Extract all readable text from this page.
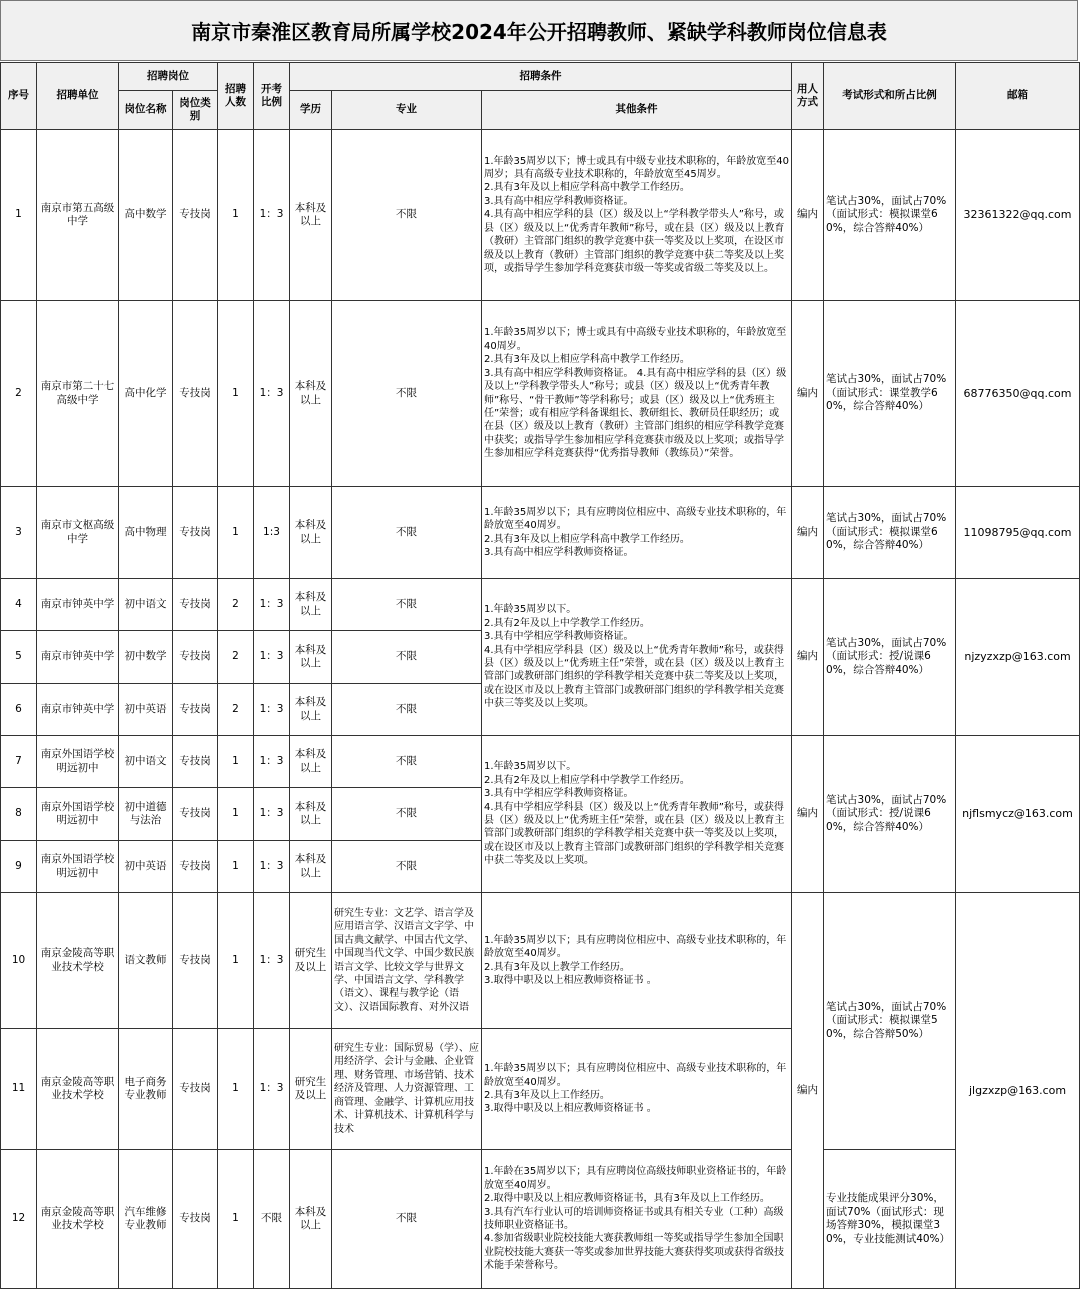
南京市秦淮区教育局所属学校2024年公开招聘教师、紧缺学科教师岗位信息表
序号	招聘单位	招聘岗位		招聘人数	开考比例	招聘条件			用人方式	考试形式和所占比例	邮箱
		岗位名称	岗位类别			学历	专业	其他条件			
1	南京市第五高级中学	高中数学	专技岗	1	1：3	本科及以上	不限	1.年龄35周岁以下；博士或具有中级专业技术职称的，年龄放宽至40周岁；具有高级专业技术职称的，年龄放宽至45周岁。
2.具有3年及以上相应学科高中教学工作经历。
3.具有高中相应学科教师资格证。
4.具有高中相应学科的县（区）级及以上“学科教学带头人”称号，或县（区）级及以上“优秀青年教师”称号，或在县（区）级及以上教育（教研）主管部门组织的教学竞赛中获一等奖及以上奖项，在设区市级及以上教育（教研）主管部门组织的教学竞赛中获二等奖及以上奖项，或指导学生参加学科竞赛获市级一等奖或省级二等奖及以上。	编内	笔试占30%，面试占70%（面试形式：模拟课堂60%，综合答辩40%）	32361322@qq.com
2	南京市第二十七高级中学	高中化学	专技岗	1	1：3	本科及以上	不限	1.年龄35周岁以下；博士或具有中高级专业技术职称的，年龄放宽至40周岁。
2.具有3年及以上相应学科高中教学工作经历。
3.具有高中相应学科教师资格证。 4.具有高中相应学科的县（区）级及以上“学科教学带头人”称号；或县（区）级及以上“优秀青年教师”称号、“骨干教师”等学科称号；或县（区）级及以上“优秀班主任”荣誉；或有相应学科备课组长、教研组长、教研员任职经历；或在县（区）级及以上教育（教研）主管部门组织的相应学科教学竞赛中获奖；或指导学生参加相应学科竞赛获市级及以上奖项；或指导学生参加相应学科竞赛获得“优秀指导教师（教练员）”荣誉。	编内	笔试占30%，面试占70%（面试形式：课堂教学60%，综合答辩40%）	68776350@qq.com
3	南京市文枢高级中学	高中物理	专技岗	1	1:3	本科及以上	不限	1.年龄35周岁以下；具有应聘岗位相应中、高级专业技术职称的，年龄放宽至40周岁。
2.具有3年及以上相应学科高中教学工作经历。
3.具有高中相应学科教师资格证。	编内	笔试占30%，面试占70%（面试形式：模拟课堂60%，综合答辩40%）	11098795@qq.com
4	南京市钟英中学	初中语文	专技岗	2	1：3	本科及以上	不限	1.年龄35周岁以下。
2.具有2年及以上中学教学工作经历。
3.具有中学相应学科教师资格证。
4.具有中学相应学科县（区）级及以上“优秀青年教师”称号，或获得县（区）级及以上“优秀班主任”荣誉，或在县（区）级及以上教育主管部门或教研部门组织的学科教学相关竞赛中获二等奖及以上奖项，或在设区市及以上教育主管部门或教研部门组织的学科教学相关竞赛中获三等奖及以上奖项。	编内	笔试占30%，面试占70%（面试形式：授/说课60%，综合答辩40%）	njzyzxzp@163.com
5	南京市钟英中学	初中数学	专技岗	2	1：3	本科及以上	不限				
6	南京市钟英中学	初中英语	专技岗	2	1：3	本科及以上	不限				
7	南京外国语学校明远初中	初中语文	专技岗	1	1：3	本科及以上	不限	1.年龄35周岁以下。
2.具有2年及以上相应学科中学教学工作经历。
3.具有中学相应学科教师资格证。
4.具有中学相应学科县（区）级及以上“优秀青年教师”称号，或获得县（区）级及以上“优秀班主任”荣誉，或在县（区）级及以上教育主管部门或教研部门组织的学科教学相关竞赛中获一等奖及以上奖项，或在设区市及以上教育主管部门或教研部门组织的学科教学相关竞赛中获二等奖及以上奖项。	编内	笔试占30%，面试占70%（面试形式：授/说课60%，综合答辩40%）	njflsmycz@163.com
8	南京外国语学校明远初中	初中道德与法治	专技岗	1	1：3	本科及以上	不限				
9	南京外国语学校明远初中	初中英语	专技岗	1	1：3	本科及以上	不限				
10	南京金陵高等职业技术学校	语文教师	专技岗	1	1：3	研究生及以上	研究生专业：文艺学、语言学及应用语言学、汉语言文字学、中国古典文献学、中国古代文学、中国现当代文学、中国少数民族语言文学、比较文学与世界文学、中国语言文学、学科教学（语文）、课程与教学论（语文）、汉语国际教育、对外汉语	1.年龄35周岁以下；具有应聘岗位相应中、高级专业技术职称的，年龄放宽至40周岁。
2.具有3年及以上教学工作经历。
3.取得中职及以上相应教师资格证书 。	编内	笔试占30%，面试占70%（面试形式：模拟课堂50%，综合答辩50%）	jlgzxzp@163.com
11	南京金陵高等职业技术学校	电子商务专业教师	专技岗	1	1：3	研究生及以上	研究生专业：国际贸易（学）、应用经济学、会计与金融、企业管理、财务管理、市场营销、技术经济及管理、人力资源管理、工商管理、金融学、计算机应用技术、计算机技术、计算机科学与技术	1.年龄35周岁以下；具有应聘岗位相应中、高级专业技术职称的，年龄放宽至40周岁。
2.具有3年及以上工作经历。
3.取得中职及以上相应教师资格证书 。			
12	南京金陵高等职业技术学校	汽车维修专业教师	专技岗	1	不限	本科及以上	不限	1.年龄在35周岁以下；具有应聘岗位高级技师职业资格证书的，年龄放宽至40周岁。
2.取得中职及以上相应教师资格证书，具有3年及以上工作经历。
3.具有汽车行业认可的培训师资格证书或具有相关专业（工种）高级技师职业资格证书。
4.参加省级职业院校技能大赛获教师组一等奖或指导学生参加全国职业院校技能大赛获一等奖或参加世界技能大赛获得奖项或获得省级技术能手荣誉称号。		专业技能成果评分30%，面试70%（面试形式：现场答辩30%，模拟课堂30%，专业技能测试40%）	
